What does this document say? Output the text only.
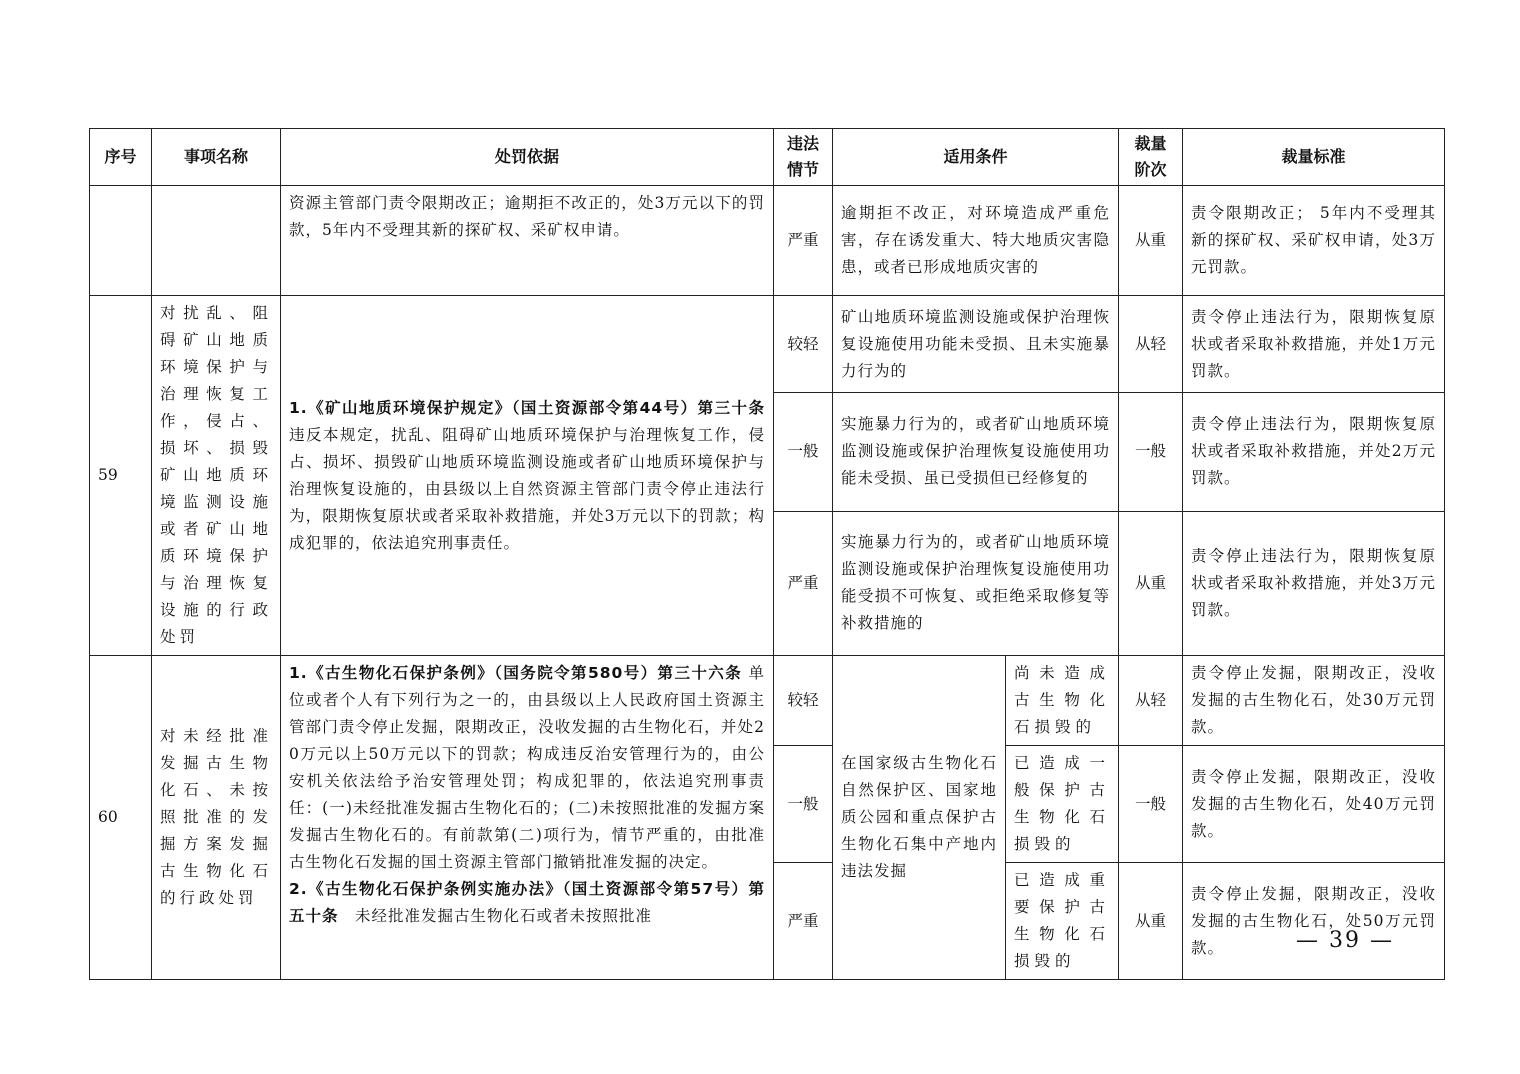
序号	事项名称	处罚依据	违法情节	适用条件		裁量阶次	裁量标准
		资源主管部门责令限期改正；逾期拒不改正的，处3万元以下的罚款，5年内不受理其新的探矿权、采矿权申请。	严重	逾期拒不改正，对环境造成严重危害，存在诱发重大、特大地质灾害隐患，或者已形成地质灾害的		从重	责令限期改正； 5年内不受理其新的探矿权、采矿权申请，处3万元罚款。
59	对扰乱、阻碍矿山地质环境保护与治理恢复工作，侵占、损坏、损毁矿山地质环境监测设施或者矿山地质环境保护与治理恢复设施的行政处罚	1.《矿山地质环境保护规定》（国土资源部令第44号）第三十条 违反本规定，扰乱、阻碍矿山地质环境保护与治理恢复工作，侵占、损坏、损毁矿山地质环境监测设施或者矿山地质环境保护与治理恢复设施的，由县级以上自然资源主管部门责令停止违法行为，限期恢复原状或者采取补救措施，并处3万元以下的罚款；构成犯罪的，依法追究刑事责任。	较轻	矿山地质环境监测设施或保护治理恢复设施使用功能未受损、且未实施暴力行为的		从轻	责令停止违法行为，限期恢复原状或者采取补救措施，并处1万元罚款。
			一般	实施暴力行为的，或者矿山地质环境监测设施或保护治理恢复设施使用功能未受损、虽已受损但已经修复的		一般	责令停止违法行为，限期恢复原状或者采取补救措施，并处2万元罚款。
			严重	实施暴力行为的，或者矿山地质环境监测设施或保护治理恢复设施使用功能受损不可恢复、或拒绝采取修复等补救措施的		从重	责令停止违法行为，限期恢复原状或者采取补救措施，并处3万元罚款。
60	对未经批准发掘古生物化石、未按照批准的发掘方案发掘古生物化石的行政处罚	1.《古生物化石保护条例》（国务院令第580号）第三十六条 单位或者个人有下列行为之一的，由县级以上人民政府国土资源主管部门责令停止发掘，限期改正，没收发掘的古生物化石，并处20万元以上50万元以下的罚款；构成违反治安管理行为的，由公安机关依法给予治安管理处罚；构成犯罪的，依法追究刑事责任：(一)未经批准发掘古生物化石的；(二)未按照批准的发掘方案发掘古生物化石的。有前款第(二)项行为，情节严重的，由批准古生物化石发掘的国土资源主管部门撤销批准发掘的决定。
2.《古生物化石保护条例实施办法》（国土资源部令第57号）第五十条　未经批准发掘古生物化石或者未按照批准	较轻	在国家级古生物化石自然保护区、国家地质公园和重点保护古生物化石集中产地内违法发掘	尚未造成古生物化石损毁的	从轻	责令停止发掘，限期改正，没收发掘的古生物化石，处30万元罚款。
			一般		已造成一般保护古生物化石损毁的	一般	责令停止发掘，限期改正，没收发掘的古生物化石，处40万元罚款。
			严重		已造成重要保护古生物化石损毁的	从重	责令停止发掘，限期改正，没收发掘的古生物化石，处50万元罚款。	— 39 —
